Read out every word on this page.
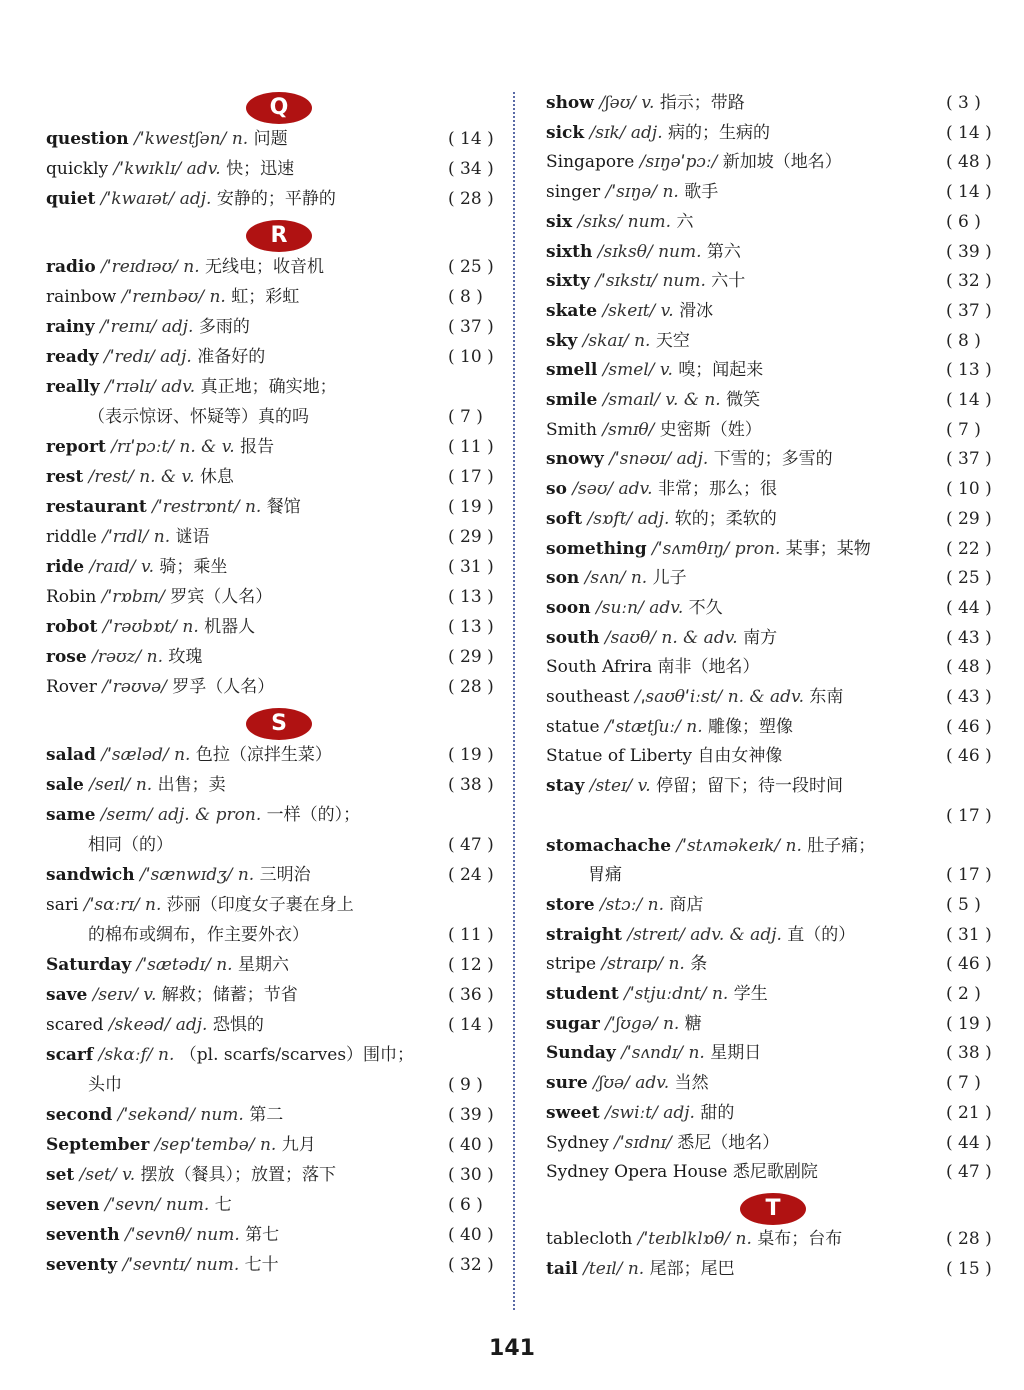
Q
question /ˈkwestʃən/ n. 问题	( 14 )
quickly /ˈkwɪklɪ/ adv. 快；迅速	( 34 )
quiet /ˈkwaɪət/ adj. 安静的；平静的	( 28 )
R
radio /ˈreɪdɪəʊ/ n. 无线电；收音机	( 25 )
rainbow /ˈreɪnbəʊ/ n. 虹；彩虹	( 8 )
rainy /ˈreɪnɪ/ adj. 多雨的	( 37 )
ready /ˈredɪ/ adj. 准备好的	( 10 )
really /ˈrɪəlɪ/ adv. 真正地；确实地；
（表示惊讶、怀疑等）真的吗	( 7 )
report /rɪˈpɔːt/ n. & v. 报告	( 11 )
rest /rest/ n. & v. 休息	( 17 )
restaurant /ˈrestrɒnt/ n. 餐馆	( 19 )
riddle /ˈrɪdl/ n. 谜语	( 29 )
ride /raɪd/ v. 骑；乘坐	( 31 )
Robin /ˈrɒbɪn/ 罗宾（人名）	( 13 )
robot /ˈrəʊbɒt/ n. 机器人	( 13 )
rose /rəʊz/ n. 玫瑰	( 29 )
Rover /ˈrəʊvə/ 罗孚（人名）	( 28 )
S
salad /ˈsæləd/ n. 色拉（凉拌生菜）	( 19 )
sale /seɪl/ n. 出售；卖	( 38 )
same /seɪm/ adj. & pron. 一样（的）；
相同（的）	( 47 )
sandwich /ˈsænwɪdʒ/ n. 三明治	( 24 )
sari /ˈsɑːrɪ/ n. 莎丽（印度女子裹在身上
的棉布或绸布，作主要外衣）	( 11 )
Saturday /ˈsætədɪ/ n. 星期六	( 12 )
save /seɪv/ v. 解救；储蓄；节省	( 36 )
scared /skeəd/ adj. 恐惧的	( 14 )
scarf /skɑːf/ n. （pl. scarfs/scarves）围巾；
头巾	( 9 )
second /ˈsekənd/ num. 第二	( 39 )
September /sepˈtembə/ n. 九月	( 40 )
set /set/ v. 摆放（餐具）；放置；落下	( 30 )
seven /ˈsevn/ num. 七	( 6 )
seventh /ˈsevnθ/ num. 第七	( 40 )
seventy /ˈsevntɪ/ num. 七十	( 32 )
show /ʃəʊ/ v. 指示；带路	( 3 )
sick /sɪk/ adj. 病的；生病的	( 14 )
Singapore /sɪŋəˈpɔː/ 新加坡（地名）	( 48 )
singer /ˈsɪŋə/ n. 歌手	( 14 )
six /sɪks/ num. 六	( 6 )
sixth /sɪksθ/ num. 第六	( 39 )
sixty /ˈsɪkstɪ/ num. 六十	( 32 )
skate /skeɪt/ v. 滑冰	( 37 )
sky /skaɪ/ n. 天空	( 8 )
smell /smel/ v. 嗅；闻起来	( 13 )
smile /smaɪl/ v. & n. 微笑	( 14 )
Smith /smɪθ/ 史密斯（姓）	( 7 )
snowy /ˈsnəʊɪ/ adj. 下雪的；多雪的	( 37 )
so /səʊ/ adv. 非常；那么；很	( 10 )
soft /sɒft/ adj. 软的；柔软的	( 29 )
something /ˈsʌmθɪŋ/ pron. 某事；某物	( 22 )
son /sʌn/ n. 儿子	( 25 )
soon /suːn/ adv. 不久	( 44 )
south /saʊθ/ n. & adv. 南方	( 43 )
South Afrira 南非（地名）	( 48 )
southeast /ˌsaʊθˈiːst/ n. & adv. 东南	( 43 )
statue /ˈstætʃuː/ n. 雕像；塑像	( 46 )
Statue of Liberty 自由女神像	( 46 )
stay /steɪ/ v. 停留；留下；待一段时间
( 17 )
stomachache /ˈstʌməkeɪk/ n. 肚子痛；
胃痛	( 17 )
store /stɔː/ n. 商店	( 5 )
straight /streɪt/ adv. & adj. 直（的）	( 31 )
stripe /straɪp/ n. 条	( 46 )
student /ˈstjuːdnt/ n. 学生	( 2 )
sugar /ˈʃʊgə/ n. 糖	( 19 )
Sunday /ˈsʌndɪ/ n. 星期日	( 38 )
sure /ʃʊə/ adv. 当然	( 7 )
sweet /swiːt/ adj. 甜的	( 21 )
Sydney /ˈsɪdnɪ/ 悉尼（地名）	( 44 )
Sydney Opera House 悉尼歌剧院	( 47 )
T
tablecloth /ˈteɪblklɒθ/ n. 桌布；台布	( 28 )
tail /teɪl/ n. 尾部；尾巴	( 15 )
141
